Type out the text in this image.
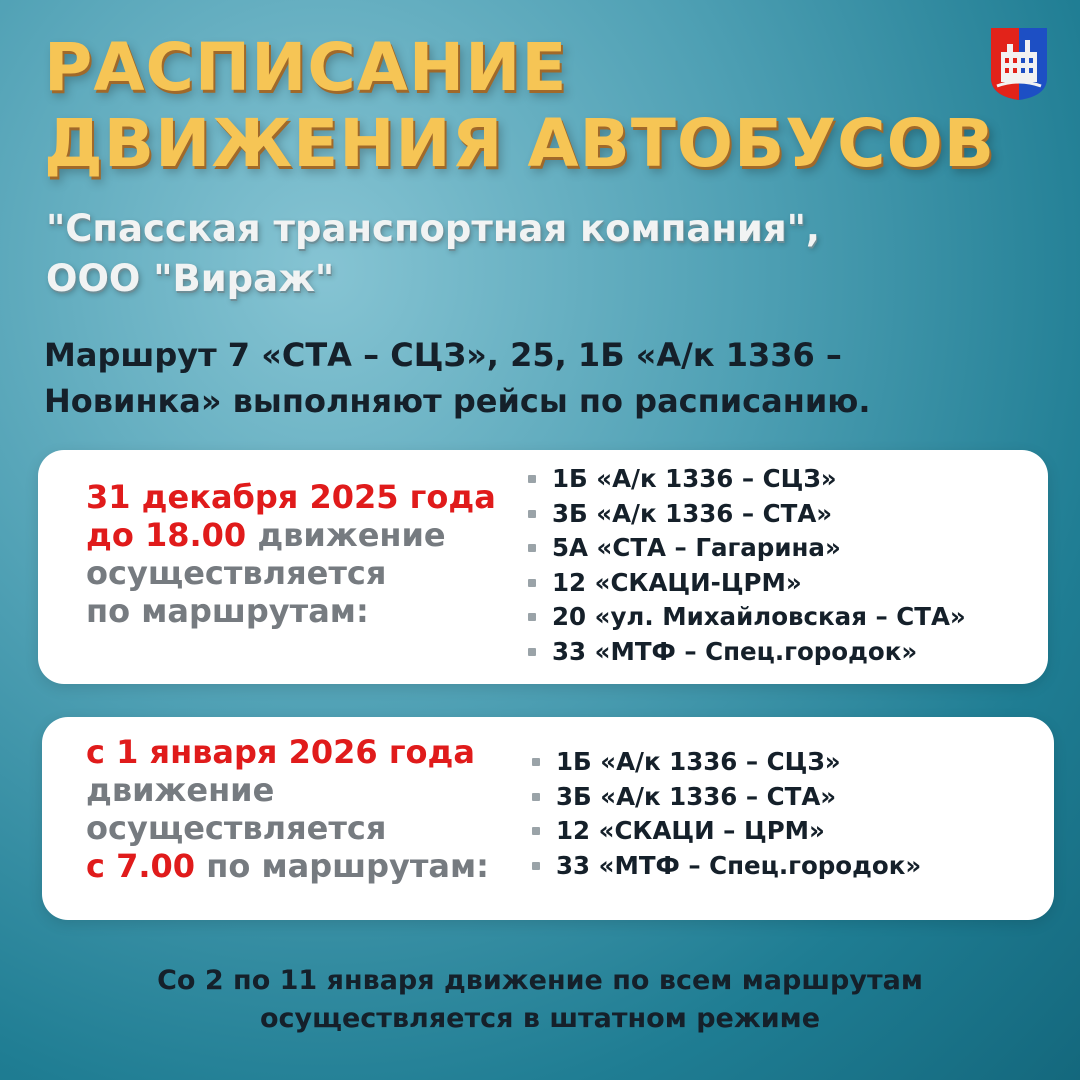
РАСПИСАНИЕ
ДВИЖЕНИЯ АВТОБУСОВ
"Спасская транспортная компания",
ООО "Вираж"
Маршрут 7 «СТА – СЦЗ», 25, 1Б «А/к 1336 –
Новинка» выполняют рейсы по расписанию.
31 декабря 2025 года
до 18.00 движение
осуществляется
по маршрутам:
1Б «А/к 1336 – СЦЗ»
3Б «А/к 1336 – СТА»
5А «СТА – Гагарина»
12 «СКАЦИ-ЦРМ»
20 «ул. Михайловская – СТА»
33 «МТФ – Спец.городок»
с 1 января 2026 года
движение
осуществляется
с 7.00 по маршрутам:
1Б «А/к 1336 – СЦЗ»
3Б «А/к 1336 – СТА»
12 «СКАЦИ – ЦРМ»
33 «МТФ – Спец.городок»
Со 2 по 11 января движение по всем маршрутам
осуществляется в штатном режиме
